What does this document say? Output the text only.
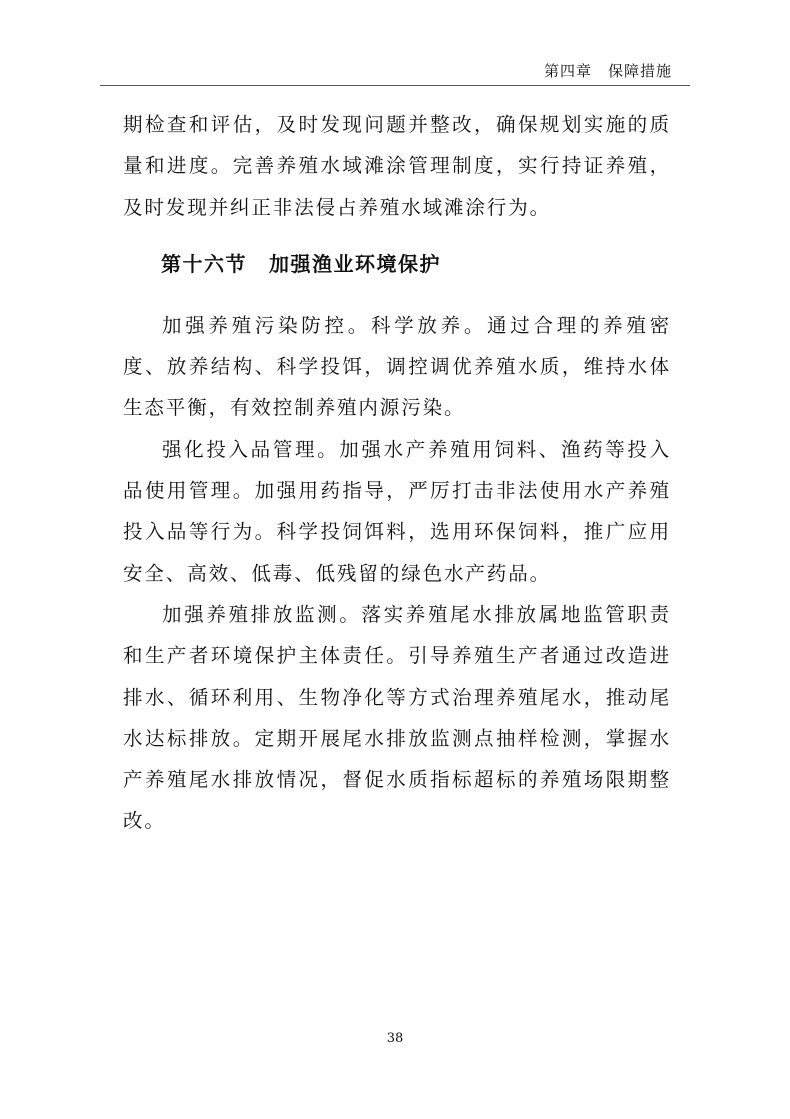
第四章　保障措施

期检查和评估，及时发现问题并整改，确保规划实施的质量和进度。完善养殖水域滩涂管理制度，实行持证养殖，及时发现并纠正非法侵占养殖水域滩涂行为。

第十六节 加强渔业环境保护

加强养殖污染防控。科学放养。通过合理的养殖密度、放养结构、科学投饵，调控调优养殖水质，维持水体生态平衡，有效控制养殖内源污染。

强化投入品管理。加强水产养殖用饲料、渔药等投入品使用管理。加强用药指导，严厉打击非法使用水产养殖投入品等行为。科学投饲饵料，选用环保饲料，推广应用安全、高效、低毒、低残留的绿色水产药品。

加强养殖排放监测。落实养殖尾水排放属地监管职责和生产者环境保护主体责任。引导养殖生产者通过改造进排水、循环利用、生物净化等方式治理养殖尾水，推动尾水达标排放。定期开展尾水排放监测点抽样检测，掌握水产养殖尾水排放情况，督促水质指标超标的养殖场限期整改。

38
